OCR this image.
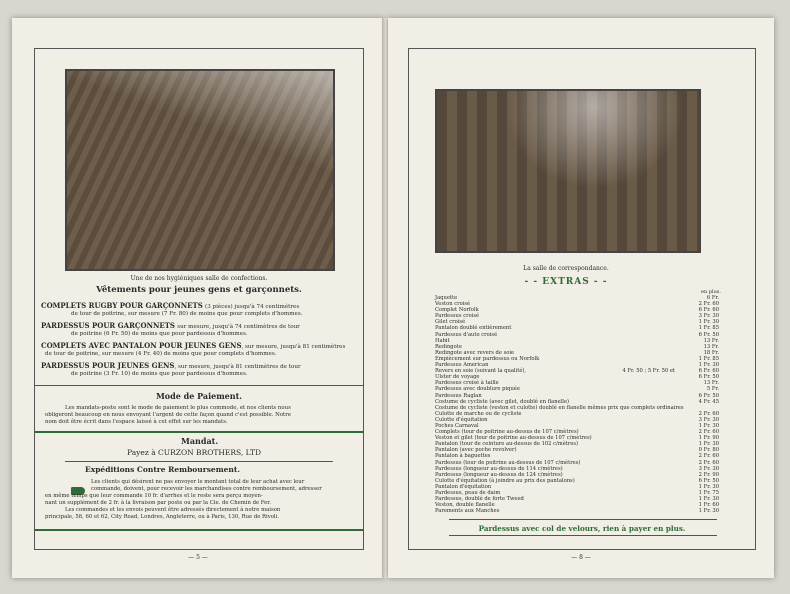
Une de nos hygiéniques salle de confections.
Vêtements pour jeunes gens et garçonnets.
COMPLETS RUGBY POUR GARÇONNETS (3 pièces) jusqu'à 74 centimètres
de tour de poitrine, sur mesure (7 Fr. 80) de moins que pour complets d'hommes.
PARDESSUS POUR GARÇONNETS sur mesure, jusqu'à 74 centimètres de tour
de poitrine (6 Fr. 50) de moins que pour pardessus d'hommes.
COMPLETS AVEC PANTALON POUR JEUNES GENS, sur mesure, jusqu'à 81 centimètres
de tour de poitrine, sur mesure (4 Fr. 40) de moins que pour complets d'hommes.
PARDESSUS POUR JEUNES GENS, sur mesure, jusqu'à 81 centimètres de tour
de poitrine (3 Fr. 10) de moins que pour pardessus d'hommes.
Mode de Paiement.
Les mandats-poste sont le mode de paiement le plus commode, et nos clients nous
obligeront beaucoup en nous envoyant l'argent de cette façon quand c'est possible. Notre
nom doit être écrit dans l'espace laissé à cet effet sur les mandats.
Mandat.
Payez à CURZON BROTHERS, LTD
Expéditions Contre Remboursement.
Les clients qui désirent ne pas envoyer le montant total de leur achat avec leur
commande, doivent, pour recevoir les marchandises contre remboursement, adresser
en même temps que leur commande 10 fr. d'arrhes et le reste sera perçu moyen-
nant un supplément de 2 fr. à la livraison par poste ou par la Cie. de Chemin de Fer.
Les commandes et les envois peuvent être adressés directement à notre maison
principale, 58, 60 et 62, City Road, Londres, Angleterre, ou à Paris, 130, Rue de Rivoli.
— 5 —
La salle de correspondance.
- - EXTRAS - -
en plus.
Jaquette	6 Fr.
Veston croisé	2 Fr. 60
Complet Norfolk	6 Fr. 60
Pardessus croisé	3 Fr. 30
Gilet croisé	1 Fr. 30
Pantalon doublé entièrement	1 Fr. 85
Pardessus d'auto croisé	6 Fr. 50
Habit	13 Fr.
Redingote	13 Fr.
Redingote avec revers de soie	18 Fr.
Empiècement sur pardessus ou Norfolk	1 Fr. 85
Pardessus American	1 Fr. 30
Revers en soie (suivant la qualité),	4 Fr. 50 ; 5 Fr. 50 et	6 Fr. 60
Ulster de voyage	6 Fr. 50
Pardessus croisé à taille	13 Fr.
Pardessus avec doublure piquée	5 Fr.
Pardessus Raglan	6 Fr. 50
Costume de cycliste (avec gilet, doublé en flanelle)	4 Fr. 45
Costume de cycliste (veston et culotte) doublé en flanelle mêmes prix que complets ordinaires
Culotte de marche ou de cycliste	2 Fr. 60
Culotte d'équitation	3 Fr. 30
Poches Carnaval	1 Fr. 30
Complets (tour de poitrine au-dessus de 107 c/mètres)	2 Fr. 60
Veston et gilet (tour de poitrine au-dessus de 107 c/mètres)	1 Fr. 90
Pantalon (tour de ceinture au-dessus de 102 c/mètres)	1 Fr. 30
Pantalon (avec poche revolver)	0 Fr. 80
Pantalon à baguettes	2 Fr. 60
Pardessus (tour de poitrine au-dessus de 107 c/mètres)	2 Fr. 60
Pardessus (longueur au-dessus de 114 c/mètres)	3 Fr. 30
Pardessus (longueur au-dessus de 124 c/mètres)	2 Fr. 90
Culotte d'équitation (à joindre au prix des pantalons)	6 Fr. 50
Pantalon d'équitation	1 Fr. 30
Pardessus, peau de daim	1 Fr. 75
Pardessus, doublé de forte Tweed	1 Fr. 30
Veston, double flanelle	1 Fr. 60
Parements aux Manches	1 Fr. 30
Pardessus avec col de velours, rien à payer en plus.
— 8 —
